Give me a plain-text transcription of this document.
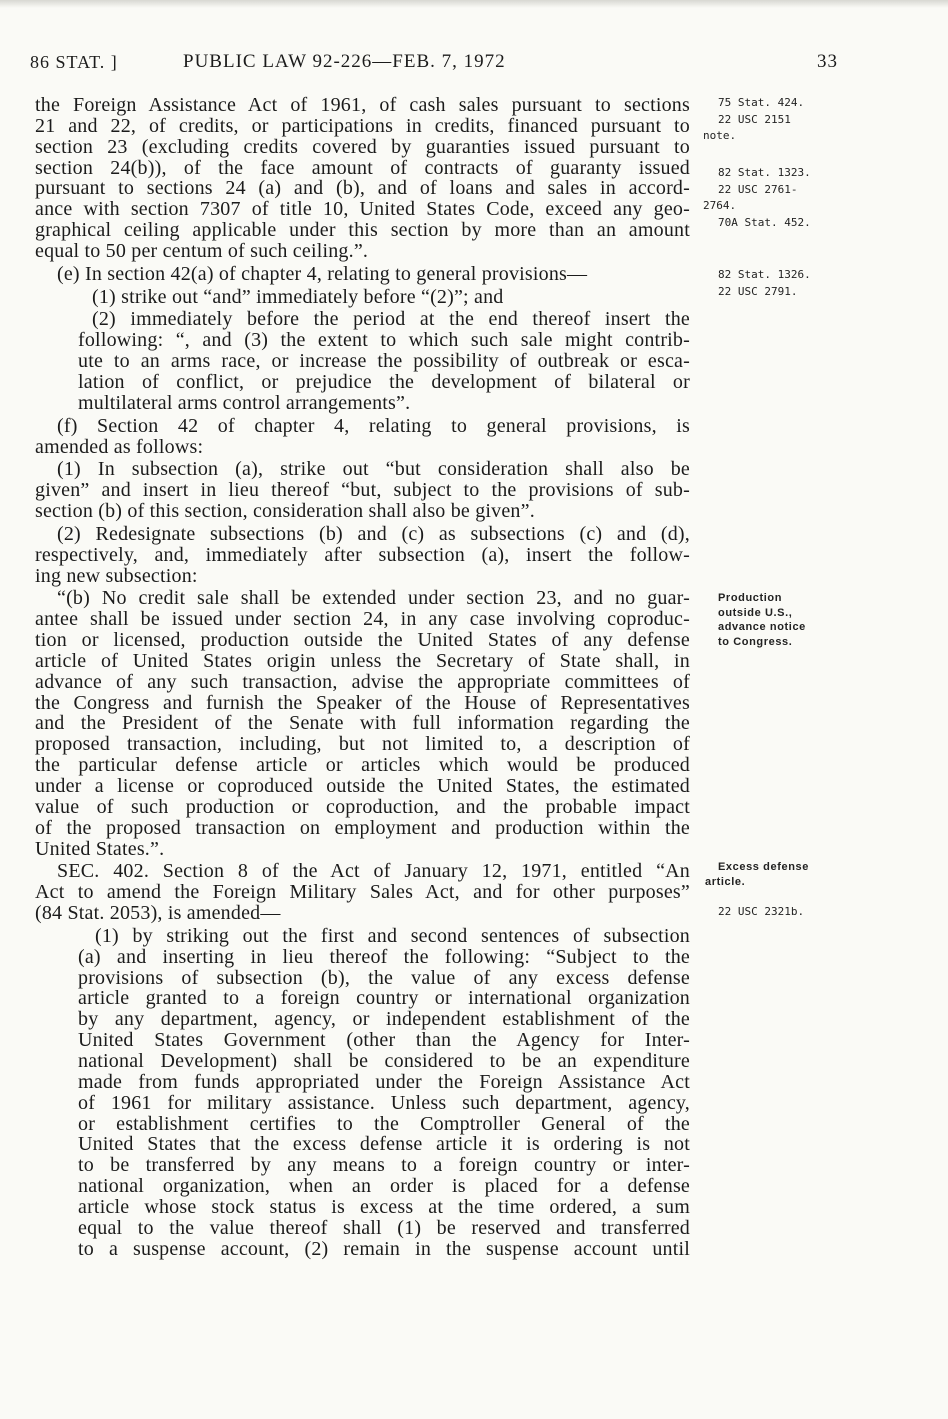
86 STAT. ]	PUBLIC LAW 92-226—FEB. 7, 1972	33
the Foreign Assistance Act of 1961, of cash sales pursuant to sections
21 and 22, of credits, or participations in credits, financed pursuant to
section 23 (excluding credits covered by guaranties issued pursuant to
section 24(b)), of the face amount of contracts of guaranty issued
pursuant to sections 24 (a) and (b), and of loans and sales in accord-
ance with section 7307 of title 10, United States Code, exceed any geo-
graphical ceiling applicable under this section by more than an amount
equal to 50 per centum of such ceiling.”.
(e) In section 42(a) of chapter 4, relating to general provisions—
(1) strike out “and” immediately before “(2)”; and
(2) immediately before the period at the end thereof insert the
following: “, and (3) the extent to which such sale might contrib-
ute to an arms race, or increase the possibility of outbreak or esca-
lation of conflict, or prejudice the development of bilateral or
multilateral arms control arrangements”.
(f) Section 42 of chapter 4, relating to general provisions, is
amended as follows:
(1) In subsection (a), strike out “but consideration shall also be
given” and insert in lieu thereof “but, subject to the provisions of sub-
section (b) of this section, consideration shall also be given”.
(2) Redesignate subsections (b) and (c) as subsections (c) and (d),
respectively, and, immediately after subsection (a), insert the follow-
ing new subsection:
“(b) No credit sale shall be extended under section 23, and no guar-
antee shall be issued under section 24, in any case involving coproduc-
tion or licensed, production outside the United States of any defense
article of United States origin unless the Secretary of State shall, in
advance of any such transaction, advise the appropriate committees of
the Congress and furnish the Speaker of the House of Representatives
and the President of the Senate with full information regarding the
proposed transaction, including, but not limited to, a description of
the particular defense article or articles which would be produced
under a license or coproduced outside the United States, the estimated
value of such production or coproduction, and the probable impact
of the proposed transaction on employment and production within the
United States.”.
SEC. 402. Section 8 of the Act of January 12, 1971, entitled “An
Act to amend the Foreign Military Sales Act, and for other purposes”
(84 Stat. 2053), is amended—
(1) by striking out the first and second sentences of subsection
(a) and inserting in lieu thereof the following: “Subject to the
provisions of subsection (b), the value of any excess defense
article granted to a foreign country or international organization
by any department, agency, or independent establishment of the
United States Government (other than the Agency for Inter-
national Development) shall be considered to be an expenditure
made from funds appropriated under the Foreign Assistance Act
of 1961 for military assistance. Unless such department, agency,
or establishment certifies to the Comptroller General of the
United States that the excess defense article it is ordering is not
to be transferred by any means to a foreign country or inter-
national organization, when an order is placed for a defense
article whose stock status is excess at the time ordered, a sum
equal to the value thereof shall (1) be reserved and transferred
to a suspense account, (2) remain in the suspense account until
75 Stat. 424.
22 USC 2151
note.
82 Stat. 1323.
22 USC 2761-
2764.
70A Stat. 452.
82 Stat. 1326.
22 USC 2791.
Production
outside U.S.,
advance notice
to Congress.
Excess defense
article.
22 USC 2321b.
